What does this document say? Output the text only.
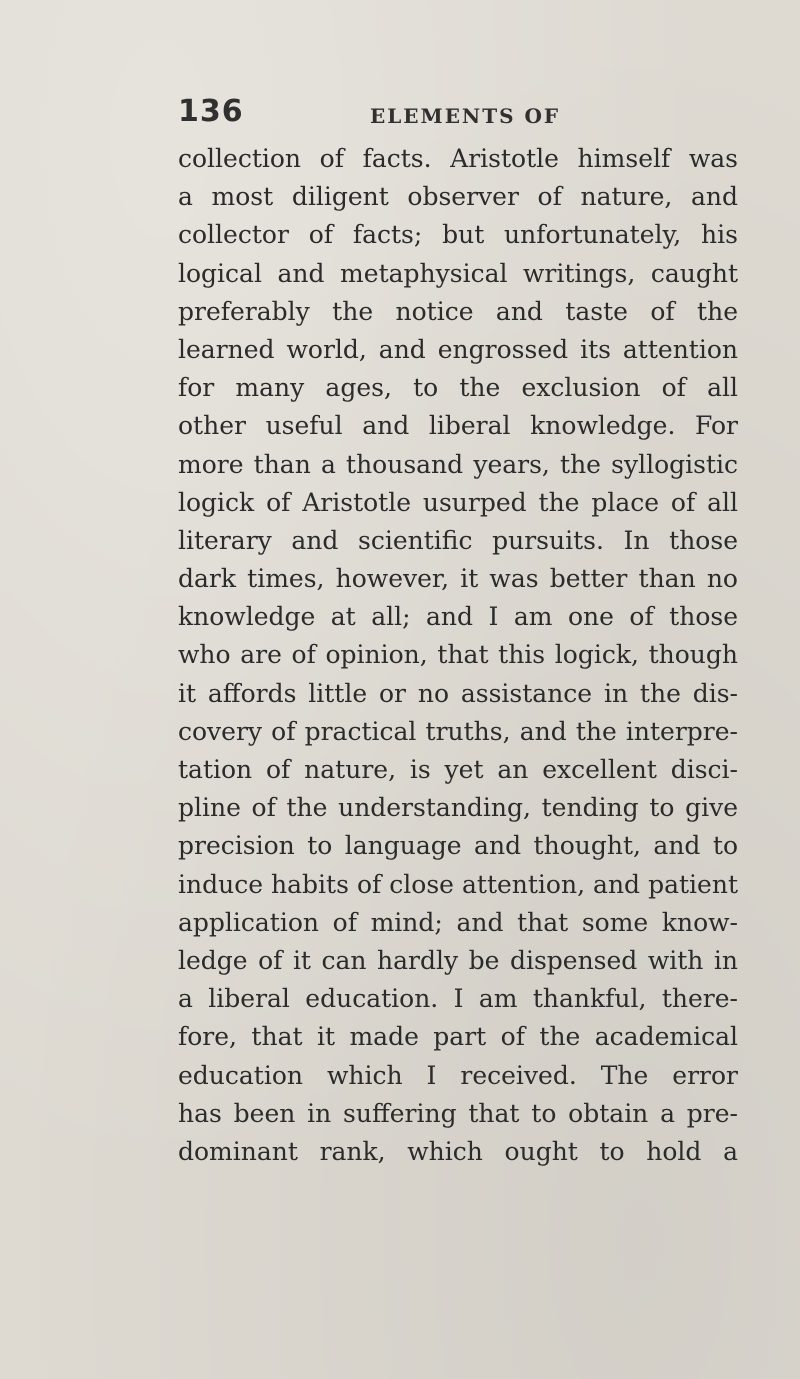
136	ELEMENTS OF
collection of facts. Aristotle himself was
a most diligent observer of nature, and
collector of facts; but unfortunately, his
logical and metaphysical writings, caught
preferably the notice and taste of the
learned world, and engrossed its attention
for many ages, to the exclusion of all
other useful and liberal knowledge. For
more than a thousand years, the syllogistic
logick of Aristotle usurped the place of all
literary and scientific pursuits. In those
dark times, however, it was better than no
knowledge at all; and I am one of those
who are of opinion, that this logick, though
it affords little or no assistance in the dis-
covery of practical truths, and the interpre-
tation of nature, is yet an excellent disci-
pline of the understanding, tending to give
precision to language and thought, and to
induce habits of close attention, and patient
application of mind; and that some know-
ledge of it can hardly be dispensed with in
a liberal education. I am thankful, there-
fore, that it made part of the academical
education which I received. The error
has been in suffering that to obtain a pre-
dominant rank, which ought to hold a
